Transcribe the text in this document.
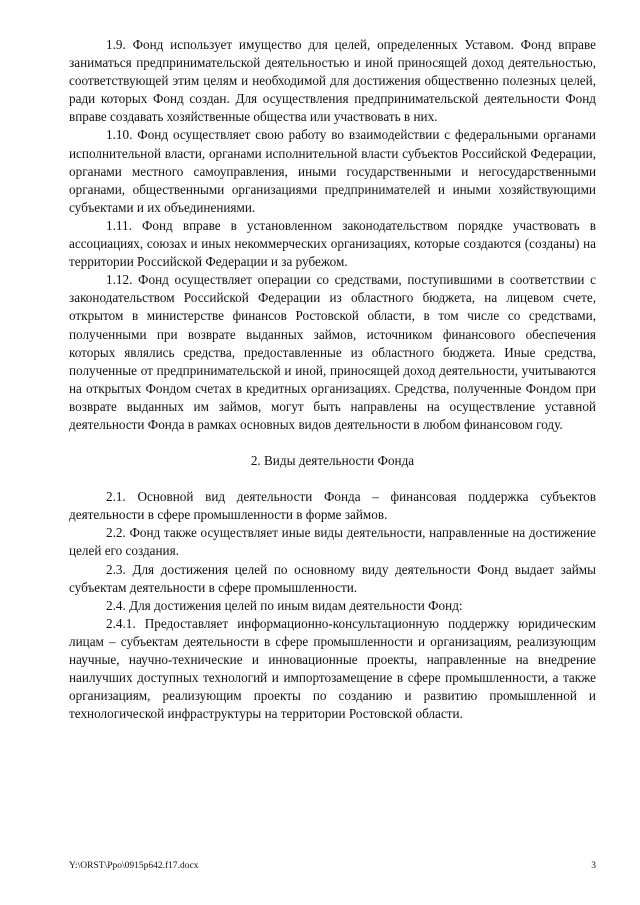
1.9. Фонд использует имущество для целей, определенных Уставом. Фонд вправе заниматься предпринимательской деятельностью и иной приносящей доход деятельностью, соответствующей этим целям и необходимой для достижения общественно полезных целей, ради которых Фонд создан. Для осуществления предпринимательской деятельности Фонд вправе создавать хозяйственные общества или участвовать в них.

1.10. Фонд осуществляет свою работу во взаимодействии с федеральными органами исполнительной власти, органами исполнительной власти субъектов Российской Федерации, органами местного самоуправления, иными государственными и негосударственными органами, общественными организациями предпринимателей и иными хозяйствующими субъектами и их объединениями.

1.11. Фонд вправе в установленном законодательством порядке участвовать в ассоциациях, союзах и иных некоммерческих организациях, которые создаются (созданы) на территории Российской Федерации и за рубежом.

1.12. Фонд осуществляет операции со средствами, поступившими в соответствии с законодательством Российской Федерации из областного бюджета, на лицевом счете, открытом в министерстве финансов Ростовской области, в том числе со средствами, полученными при возврате выданных займов, источником финансового обеспечения которых являлись средства, предоставленные из областного бюджета. Иные средства, полученные от предпринимательской и иной, приносящей доход деятельности, учитываются на открытых Фондом счетах в кредитных организациях. Средства, полученные Фондом при возврате выданных им займов, могут быть направлены на осуществление уставной деятельности Фонда в рамках основных видов деятельности в любом финансовом году.

2. Виды деятельности Фонда

2.1. Основной вид деятельности Фонда – финансовая поддержка субъектов деятельности в сфере промышленности в форме займов.

2.2. Фонд также осуществляет иные виды деятельности, направленные на достижение целей его создания.

2.3. Для достижения целей по основному виду деятельности Фонд выдает займы субъектам деятельности в сфере промышленности.

2.4. Для достижения целей по иным видам деятельности Фонд:

2.4.1. Предоставляет информационно-консультационную поддержку юридическим лицам – субъектам деятельности в сфере промышленности и организациям, реализующим научные, научно-технические и инновационные проекты, направленные на внедрение наилучших доступных технологий и импортозамещение в сфере промышленности, а также организациям, реализующим проекты по созданию и развитию промышленной и технологической инфраструктуры на территории Ростовской области.

Y:\ORST\Ppo\0915p642.f17.docx	3
